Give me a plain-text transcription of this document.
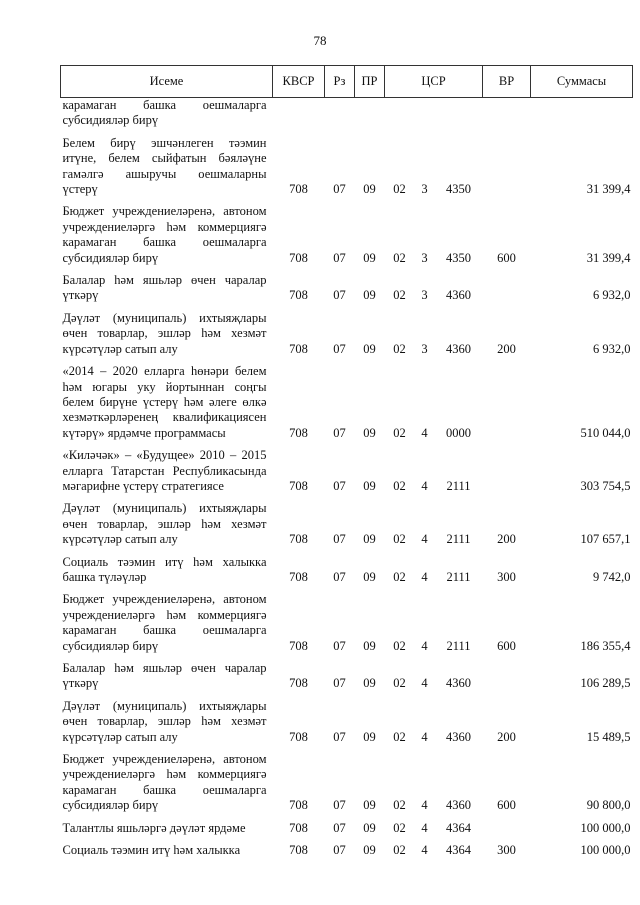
78
Исеме	КВСР	Рз	ПР	ЦСР			ВР	Суммасы
карамаган башка оешмаларга субсидияләр бирү								

Белем бирү эшчәнлеген тәэмин итүне, белем сыйфатын бәяләүне гамәлгә ашыручы оешмаларны үстерү	708	07	09	02	3	4350		31 399,4

Бюджет учреждениеләренә, автоном учреждениеләргә һәм коммерциягә карамаган башка оешмаларга субсидияләр бирү	708	07	09	02	3	4350	600	31 399,4

Балалар һәм яшьләр өчен чаралар үткәрү	708	07	09	02	3	4360		6 932,0

Дәүләт (муниципаль) ихтыяҗлары өчен товарлар, эшләр һәм хезмәт күрсәтүләр сатып алу	708	07	09	02	3	4360	200	6 932,0

«2014 – 2020 елларга һөнәри белем һәм югары уку йортыннан соңгы белем бирүне үстерү һәм әлеге өлкә хезмәткәрләренең квалификациясен күтәрү» ярдәмче программасы	708	07	09	02	4	0000		510 044,0

«Киләчәк» – «Будущее» 2010 – 2015 елларга Татарстан Республикасында мәгарифне үстерү стратегиясе	708	07	09	02	4	2111		303 754,5

Дәүләт (муниципаль) ихтыяҗлары өчен товарлар, эшләр һәм хезмәт күрсәтүләр сатып алу	708	07	09	02	4	2111	200	107 657,1

Социаль тәэмин итү һәм халыкка башка түләүләр	708	07	09	02	4	2111	300	9 742,0

Бюджет учреждениеләренә, автоном учреждениеләргә һәм коммерциягә карамаган башка оешмаларга субсидияләр бирү	708	07	09	02	4	2111	600	186 355,4

Балалар һәм яшьләр өчен чаралар үткәрү	708	07	09	02	4	4360		106 289,5

Дәүләт (муниципаль) ихтыяҗлары өчен товарлар, эшләр һәм хезмәт күрсәтүләр сатып алу	708	07	09	02	4	4360	200	15 489,5

Бюджет учреждениеләренә, автоном учреждениеләргә һәм коммерциягә карамаган башка оешмаларга субсидияләр бирү	708	07	09	02	4	4360	600	90 800,0

Талантлы яшьләргә дәүләт ярдәме	708	07	09	02	4	4364		100 000,0

Социаль тәэмин итү һәм халыкка	708	07	09	02	4	4364	300	100 000,0
